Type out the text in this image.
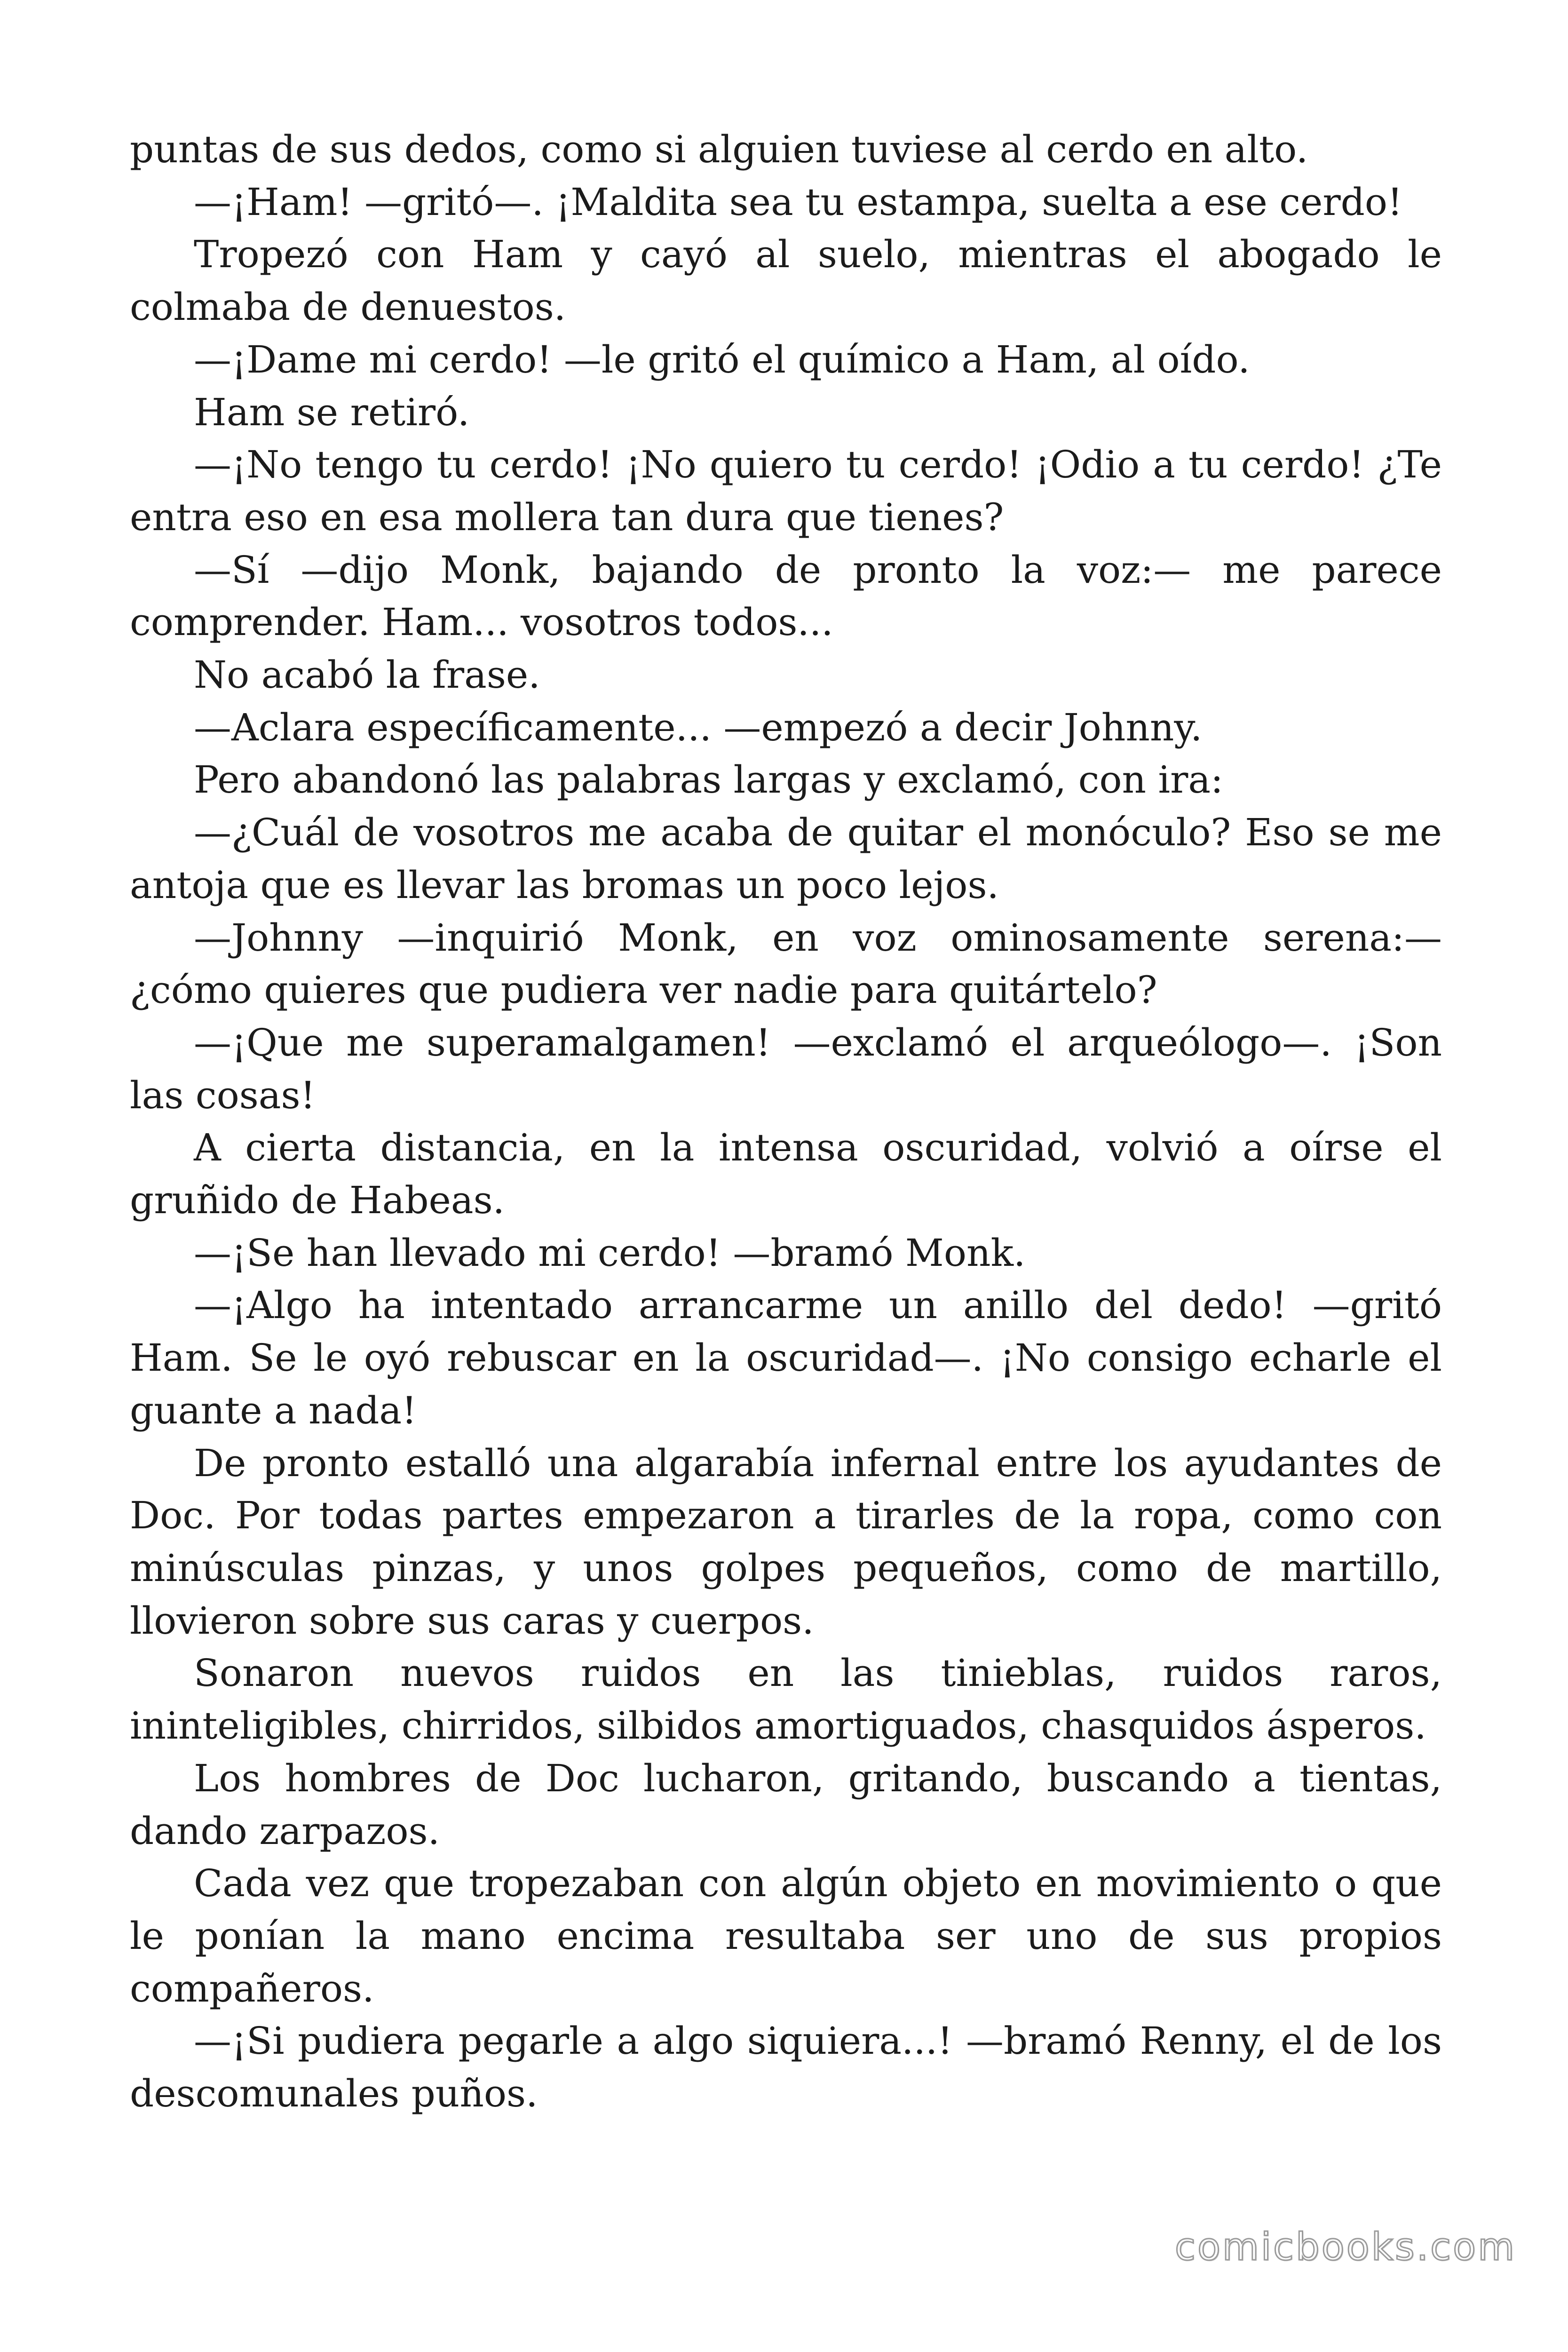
puntas de sus dedos, como si alguien tuviese al cerdo en alto.

—¡Ham! —gritó—. ¡Maldita sea tu estampa, suelta a ese cerdo!

Tropezó con Ham y cayó al suelo, mientras el abogado le colmaba de denuestos.

—¡Dame mi cerdo! —le gritó el químico a Ham, al oído.

Ham se retiró.

—¡No tengo tu cerdo! ¡No quiero tu cerdo! ¡Odio a tu cerdo! ¿Te entra eso en esa mollera tan dura que tienes?

—Sí —dijo Monk, bajando de pronto la voz:— me parece comprender. Ham... vosotros todos...

No acabó la frase.

—Aclara específicamente... —empezó a decir Johnny.

Pero abandonó las palabras largas y exclamó, con ira:

—¿Cuál de vosotros me acaba de quitar el monóculo? Eso se me antoja que es llevar las bromas un poco lejos.

—Johnny —inquirió Monk, en voz ominosamente serena:— ¿cómo quieres que pudiera ver nadie para quitártelo?

—¡Que me superamalgamen! —exclamó el arqueólogo—. ¡Son las cosas!

A cierta distancia, en la intensa oscuridad, volvió a oírse el gruñido de Habeas.

—¡Se han llevado mi cerdo! —bramó Monk.

—¡Algo ha intentado arrancarme un anillo del dedo! —gritó Ham. Se le oyó rebuscar en la oscuridad—. ¡No consigo echarle el guante a nada!

De pronto estalló una algarabía infernal entre los ayudantes de Doc. Por todas partes empezaron a tirarles de la ropa, como con minúsculas pinzas, y unos golpes pequeños, como de martillo, llovieron sobre sus caras y cuerpos.

Sonaron nuevos ruidos en las tinieblas, ruidos raros, ininteligibles, chirridos, silbidos amortiguados, chasquidos ásperos.

Los hombres de Doc lucharon, gritando, buscando a tientas, dando zarpazos.

Cada vez que tropezaban con algún objeto en movimiento o que le ponían la mano encima resultaba ser uno de sus propios compañeros.

—¡Si pudiera pegarle a algo siquiera...! —bramó Renny, el de los descomunales puños.

comicbooks.com
